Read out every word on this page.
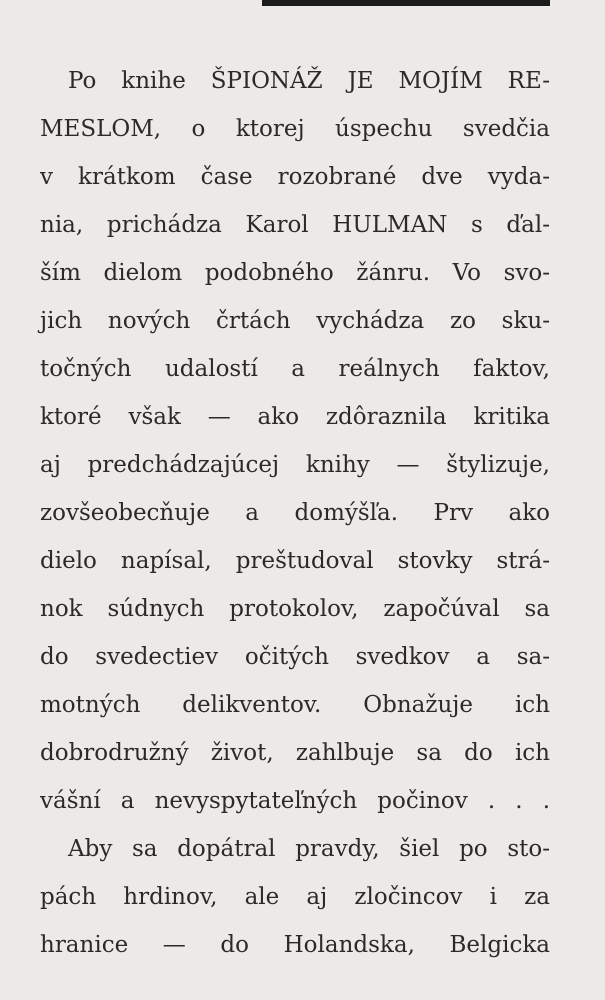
Po knihe ŠPIONÁŽ JE MOJÍM RE-
MESLOM, o ktorej úspechu svedčia
v krátkom čase rozobrané dve vyda-
nia, prichádza Karol HULMAN s ďal-
ším dielom podobného žánru. Vo svo-
jich nových črtách vychádza zo sku-
točných udalostí a reálnych faktov,
ktoré však — ako zdôraznila kritika
aj predchádzajúcej knihy — štylizuje,
zovšeobecňuje a domýšľa. Prv ako
dielo napísal, preštudoval stovky strá-
nok súdnych protokolov, započúval sa
do svedectiev očitých svedkov a sa-
motných delikventov. Obnažuje ich
dobrodružný život, zahlbuje sa do ich
vášní a nevyspytateľných počinov . . .
Aby sa dopátral pravdy, šiel po sto-
pách hrdinov, ale aj zločincov i za
hranice — do Holandska, Belgicka
